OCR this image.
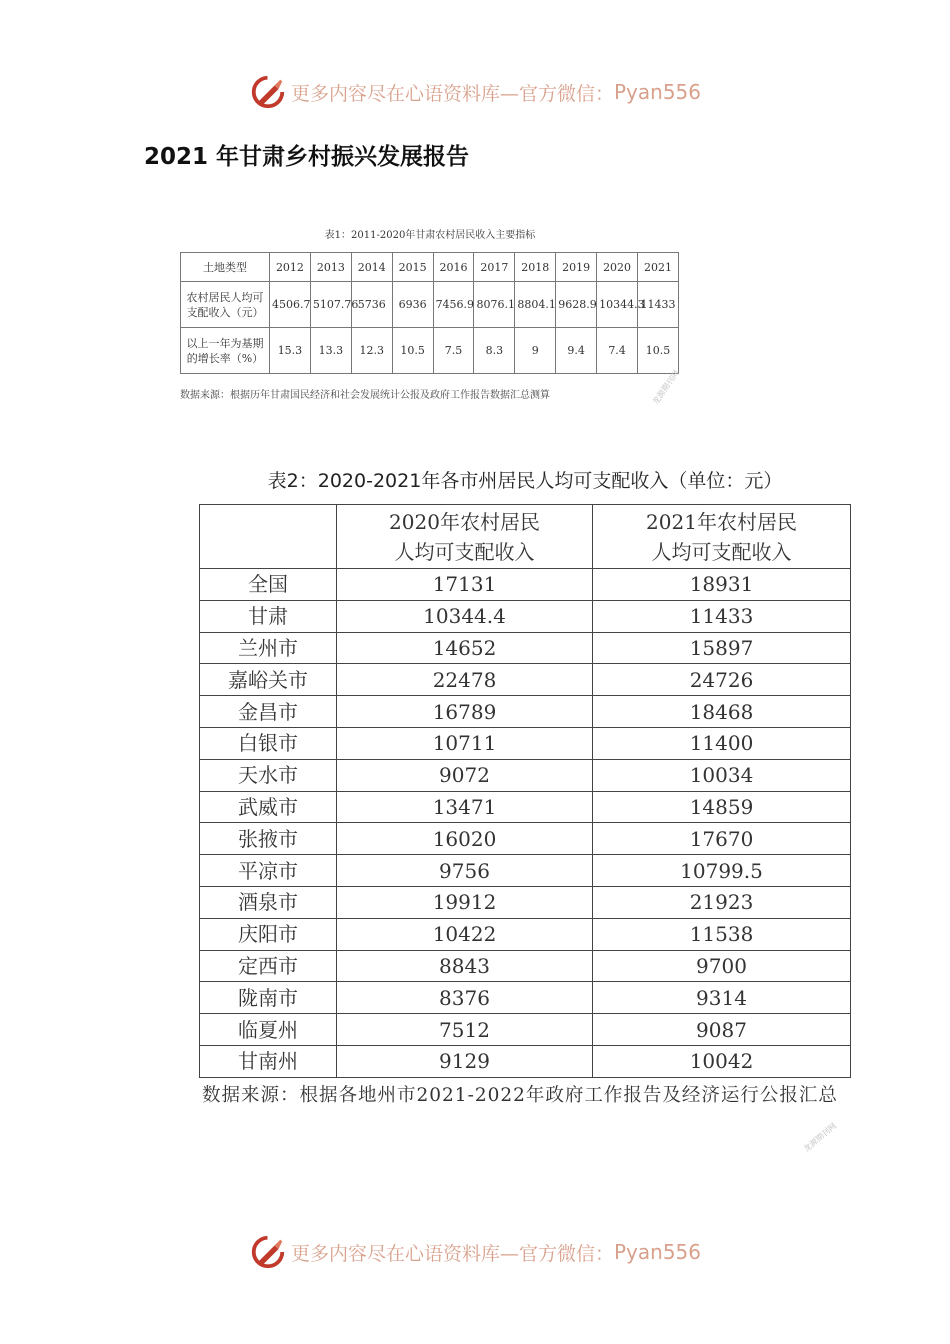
更多内容尽在心语资料库—官方微信： Pyan556
2021 年甘肃乡村振兴发展报告
表1：2011-2020年甘肃农村居民收入主要指标
土地类型	2012	2013	2014	2015	2016	2017	2018	2019	2020	2021
农村居民人均可
支配收入（元）	4506.7	5107.76	5736	6936	7456.9	8076.1	8804.1	9628.9	10344.3	11433
以上一年为基期
的增长率（%）	15.3	13.3	12.3	10.5	7.5	8.3	9	9.4	7.4	10.5
数据来源：根据历年甘肃国民经济和社会发展统计公报及政府工作报告数据汇总测算	龙源期刊网
表2：2020-2021年各市州居民人均可支配收入（单位：元）
	2020年农村居民
人均可支配收入	2021年农村居民
人均可支配收入
全国	17131	18931
甘肃	10344.4	11433
兰州市	14652	15897
嘉峪关市	22478	24726
金昌市	16789	18468
白银市	10711	11400
天水市	9072	10034
武威市	13471	14859
张掖市	16020	17670
平凉市	9756	10799.5
酒泉市	19912	21923
庆阳市	10422	11538
定西市	8843	9700
陇南市	8376	9314
临夏州	7512	9087
甘南州	9129	10042
数据来源：根据各地州市2021-2022年政府工作报告及经济运行公报汇总
龙源期刊网
更多内容尽在心语资料库—官方微信： Pyan556
